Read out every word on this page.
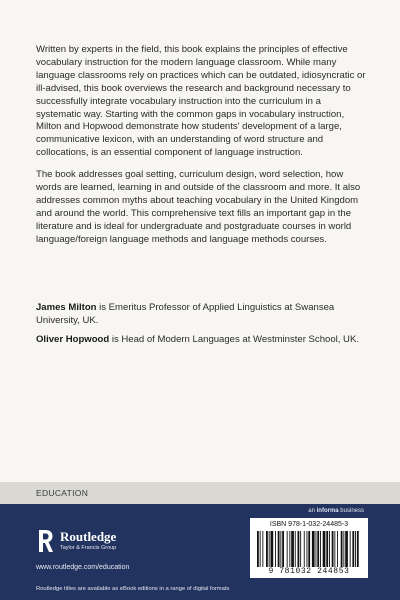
Written by experts in the field, this book explains the principles of effective vocabulary instruction for the modern language classroom. While many language classrooms rely on practices which can be outdated, idiosyncratic or ill-advised, this book overviews the research and background necessary to successfully integrate vocabulary instruction into the curriculum in a systematic way. Starting with the common gaps in vocabulary instruction, Milton and Hopwood demonstrate how students' development of a large, communicative lexicon, with an understanding of word structure and collocations, is an essential component of language instruction.

The book addresses goal setting, curriculum design, word selection, how words are learned, learning in and outside of the classroom and more. It also addresses common myths about teaching vocabulary in the United Kingdom and around the world. This comprehensive text fills an important gap in the literature and is ideal for undergraduate and postgraduate courses in world language/foreign language methods and language methods courses.

James Milton is Emeritus Professor of Applied Linguistics at Swansea University, UK.

Oliver Hopwood is Head of Modern Languages at Westminster School, UK.

EDUCATION
an informa business
Routledge
Taylor & Francis Group
www.routledge.com/education
Routledge titles are available as eBook editions in a range of digital formats
ISBN 978-1-032-24485-3
9 781032 244853
